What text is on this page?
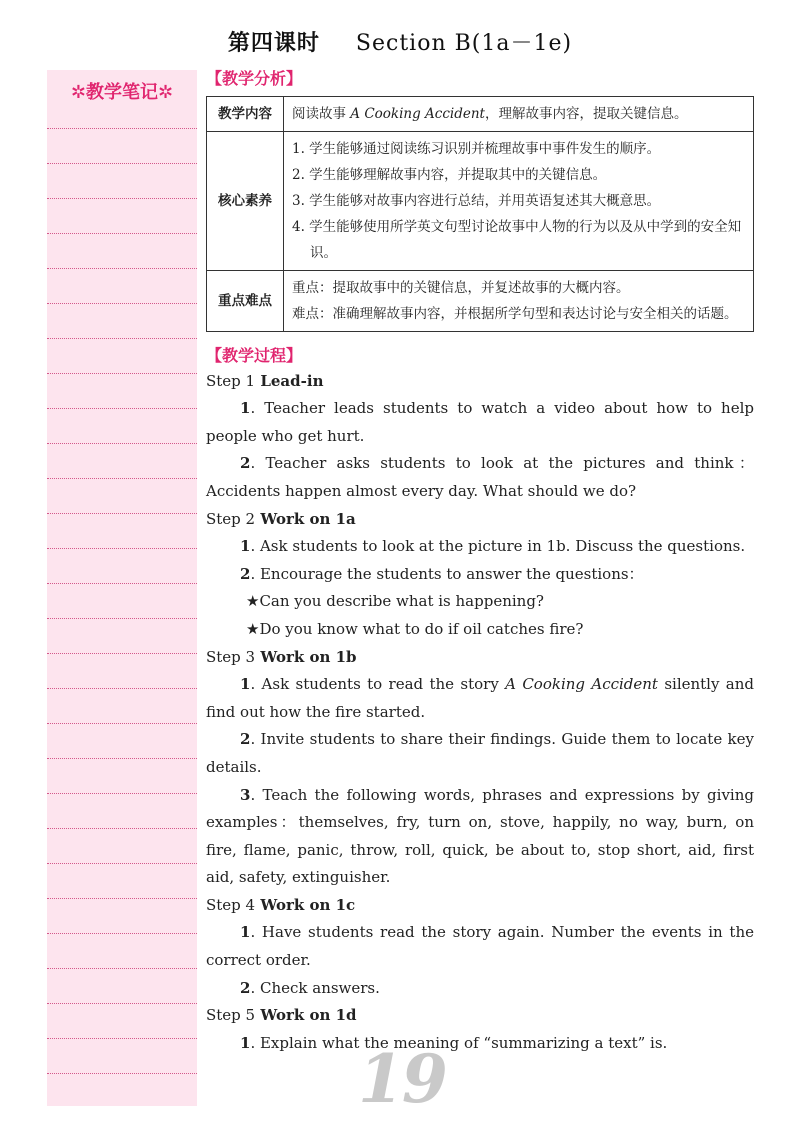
第四课时 Section B(1a－1e)
✲教学笔记✲

【教学分析】

教学内容	阅读故事 A Cooking Accident，理解故事内容，提取关键信息。

核心素养	1. 学生能够通过阅读练习识别并梳理故事中事件发生的顺序。

2. 学生能够理解故事内容，并提取其中的关键信息。

3. 学生能够对故事内容进行总结，并用英语复述其大概意思。

4. 学生能够使用所学英文句型讨论故事中人物的行为以及从中学到的安全知识。

重点难点	重点：提取故事中的关键信息，并复述故事的大概内容。

难点：准确理解故事内容，并根据所学句型和表达讨论与安全相关的话题。

【教学过程】

Step 1 Lead-in

1. Teacher leads students to watch a video about how to help people who get hurt.

2. Teacher asks students to look at the pictures and think：Accidents happen almost every day. What should we do?

Step 2 Work on 1a

1. Ask students to look at the picture in 1b. Discuss the questions.

2. Encourage the students to answer the questions：

★Can you describe what is happening?

★Do you know what to do if oil catches fire?

Step 3 Work on 1b

1. Ask students to read the story A Cooking Accident silently and find out how the fire started.

2. Invite students to share their findings. Guide them to locate key details.

3. Teach the following words, phrases and expressions by giving examples：themselves, fry, turn on, stove, happily, no way, burn, on fire, flame, panic, throw, roll, quick, be about to, stop short, aid, first aid, safety, extinguisher.

Step 4 Work on 1c

1. Have students read the story again. Number the events in the correct order.

2. Check answers.

Step 5 Work on 1d

1. Explain what the meaning of “summarizing a text” is.

19
